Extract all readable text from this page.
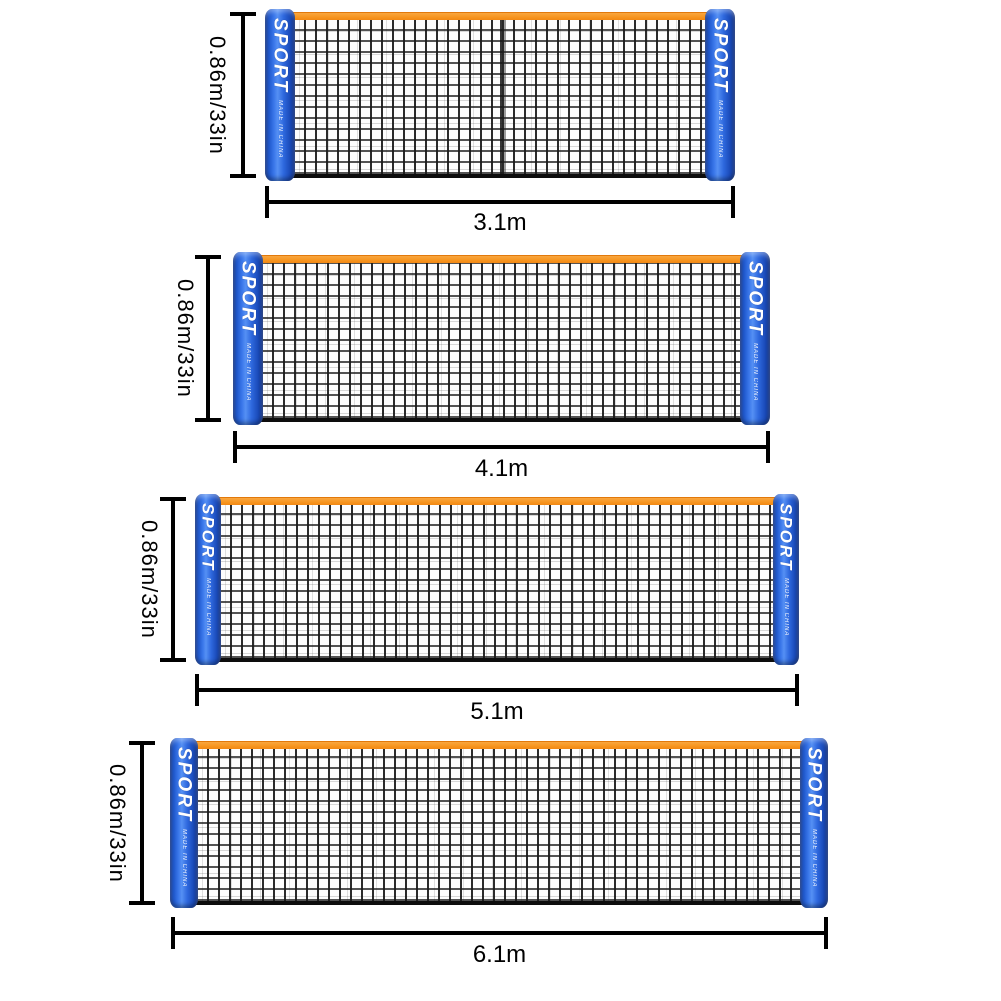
0.86m/33in SPORT
MADE IN CHINA
SPORT
MADE IN CHINA
3.1m
0.86m/33in SPORT
MADE IN CHINA
SPORT
MADE IN CHINA
4.1m
0.86m/33in SPORT
MADE IN CHINA
SPORT
MADE IN CHINA
5.1m
0.86m/33in SPORT
MADE IN CHINA
SPORT
MADE IN CHINA
6.1m
